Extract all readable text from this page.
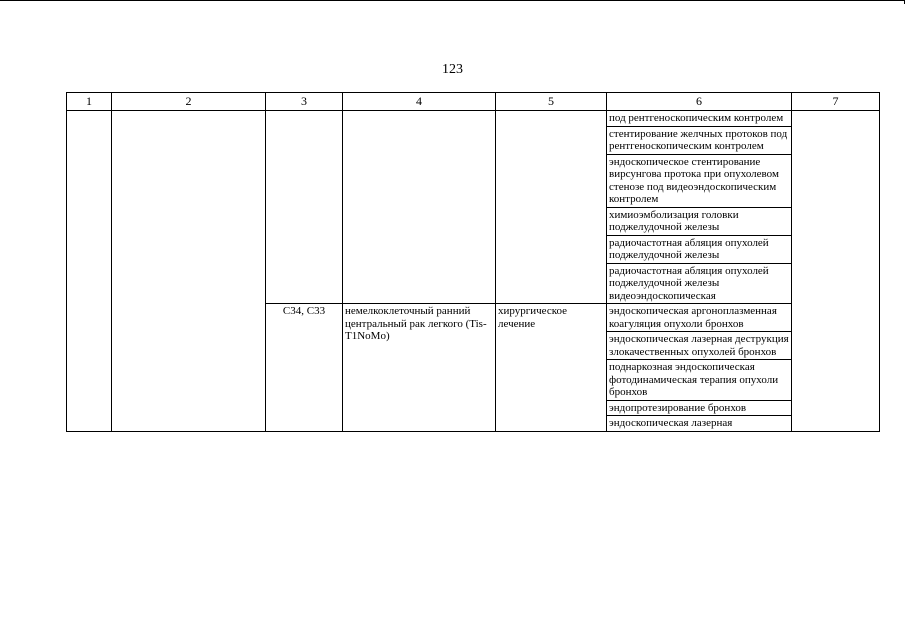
123
1	2	3	4	5	6	7
					под рентгеноскопическим контролем	
					стентирование желчных протоков под рентгеноскопическим контролем	
					эндоскопическое стентирование вирсунгова протока при опухолевом стенозе под видеоэндоскопическим контролем	
					химиоэмболизация головки поджелудочной железы	
					радиочастотная абляция опухолей поджелудочной железы	
					радиочастотная абляция опухолей поджелудочной железы видеоэндоскопическая	
		C34, C33	немелкоклеточный ранний центральный рак легкого (Tis-T1NoMo)	хирургическое лечение	эндоскопическая аргоноплазменная коагуляция опухоли бронхов	
					эндоскопическая лазерная деструкция злокачественных опухолей бронхов	
					поднаркозная эндоскопическая фотодинамическая терапия опухоли бронхов	
					эндопротезирование бронхов	
					эндоскопическая лазерная	
